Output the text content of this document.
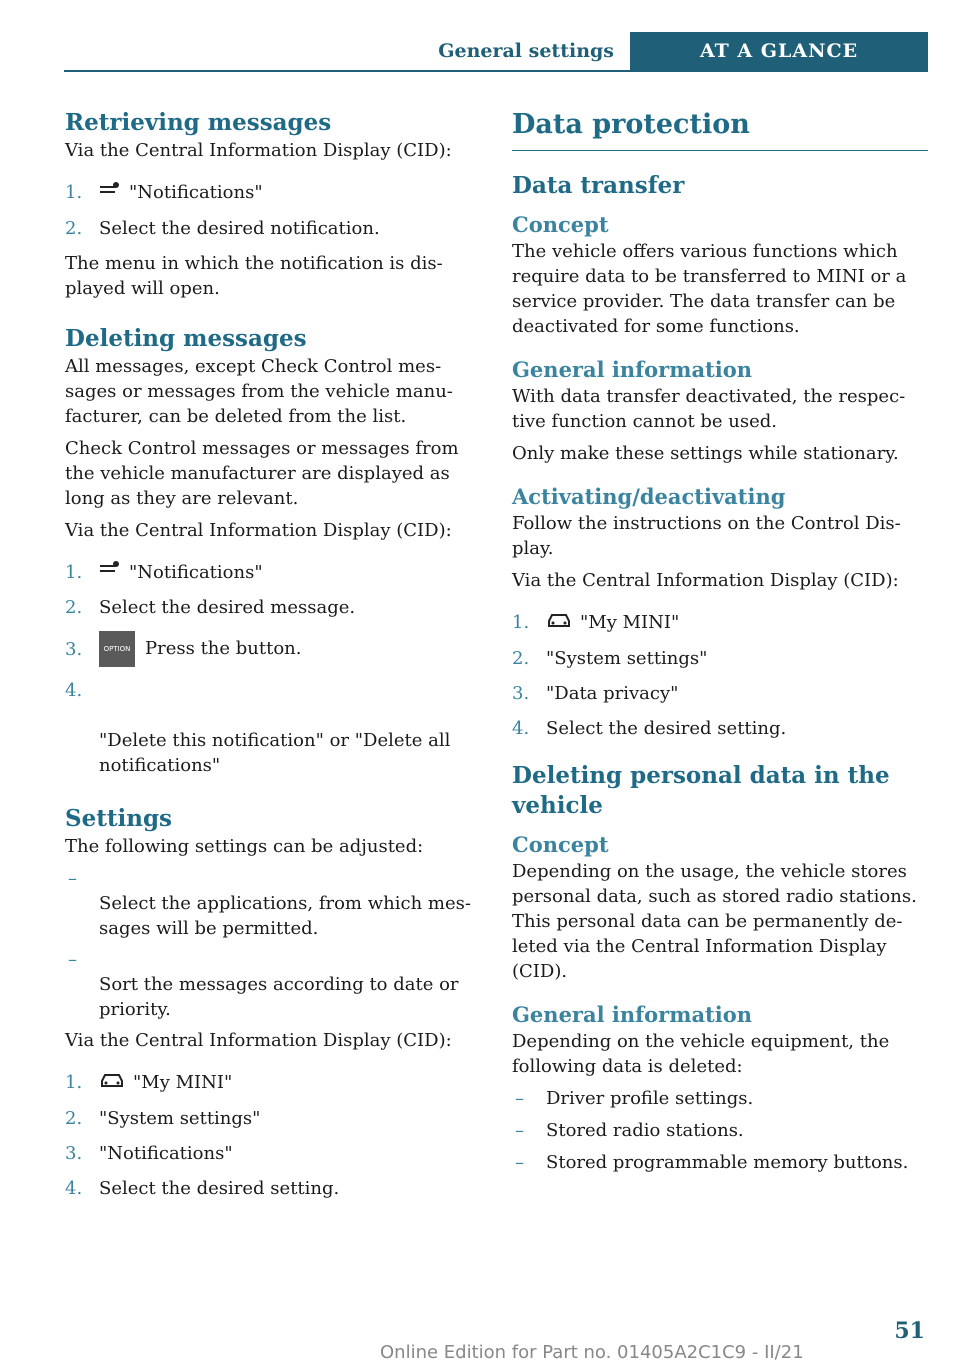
General settings	AT A GLANCE
Retrieving messages

Via the Central Information Display (CID):

1.	"Notifications"
2. Select the desired notification.

The menu in which the notification is dis-
played will open.

Deleting messages

All messages, except Check Control mes-
sages or messages from the vehicle manu-
facturer, can be deleted from the list.

Check Control messages or messages from
the vehicle manufacturer are displayed as
long as they are relevant.

Via the Central Information Display (CID):

1.	"Notifications"
2. Select the desired message.
3.	OPTION Press the button.

4.

"Delete this notification" or "Delete all
notifications"

Settings

The following settings can be adjusted:

–
Select the applications, from which mes-
sages will be permitted.

–
Sort the messages according to date or
priority.

Via the Central Information Display (CID):

1.	"My MINI"
2. "System settings"
3. "Notifications"
4. Select the desired setting.
Data protection
Data transfer
Concept

The vehicle offers various functions which
require data to be transferred to MINI or a
service provider. The data transfer can be
deactivated for some functions.

General information

With data transfer deactivated, the respec-
tive function cannot be used.

Only make these settings while stationary.

Activating/deactivating

Follow the instructions on the Control Dis-
play.

Via the Central Information Display (CID):

1.	"My MINI"
2. "System settings"
3. "Data privacy"
4. Select the desired setting.
Deleting personal data in the
vehicle
Concept

Depending on the usage, the vehicle stores
personal data, such as stored radio stations.
This personal data can be permanently de-
leted via the Central Information Display
(CID).

General information

Depending on the vehicle equipment, the
following data is deleted:

– Driver profile settings.
– Stored radio stations.
– Stored programmable memory buttons.
51
Online Edition for Part no. 01405A2C1C9 - II/21
